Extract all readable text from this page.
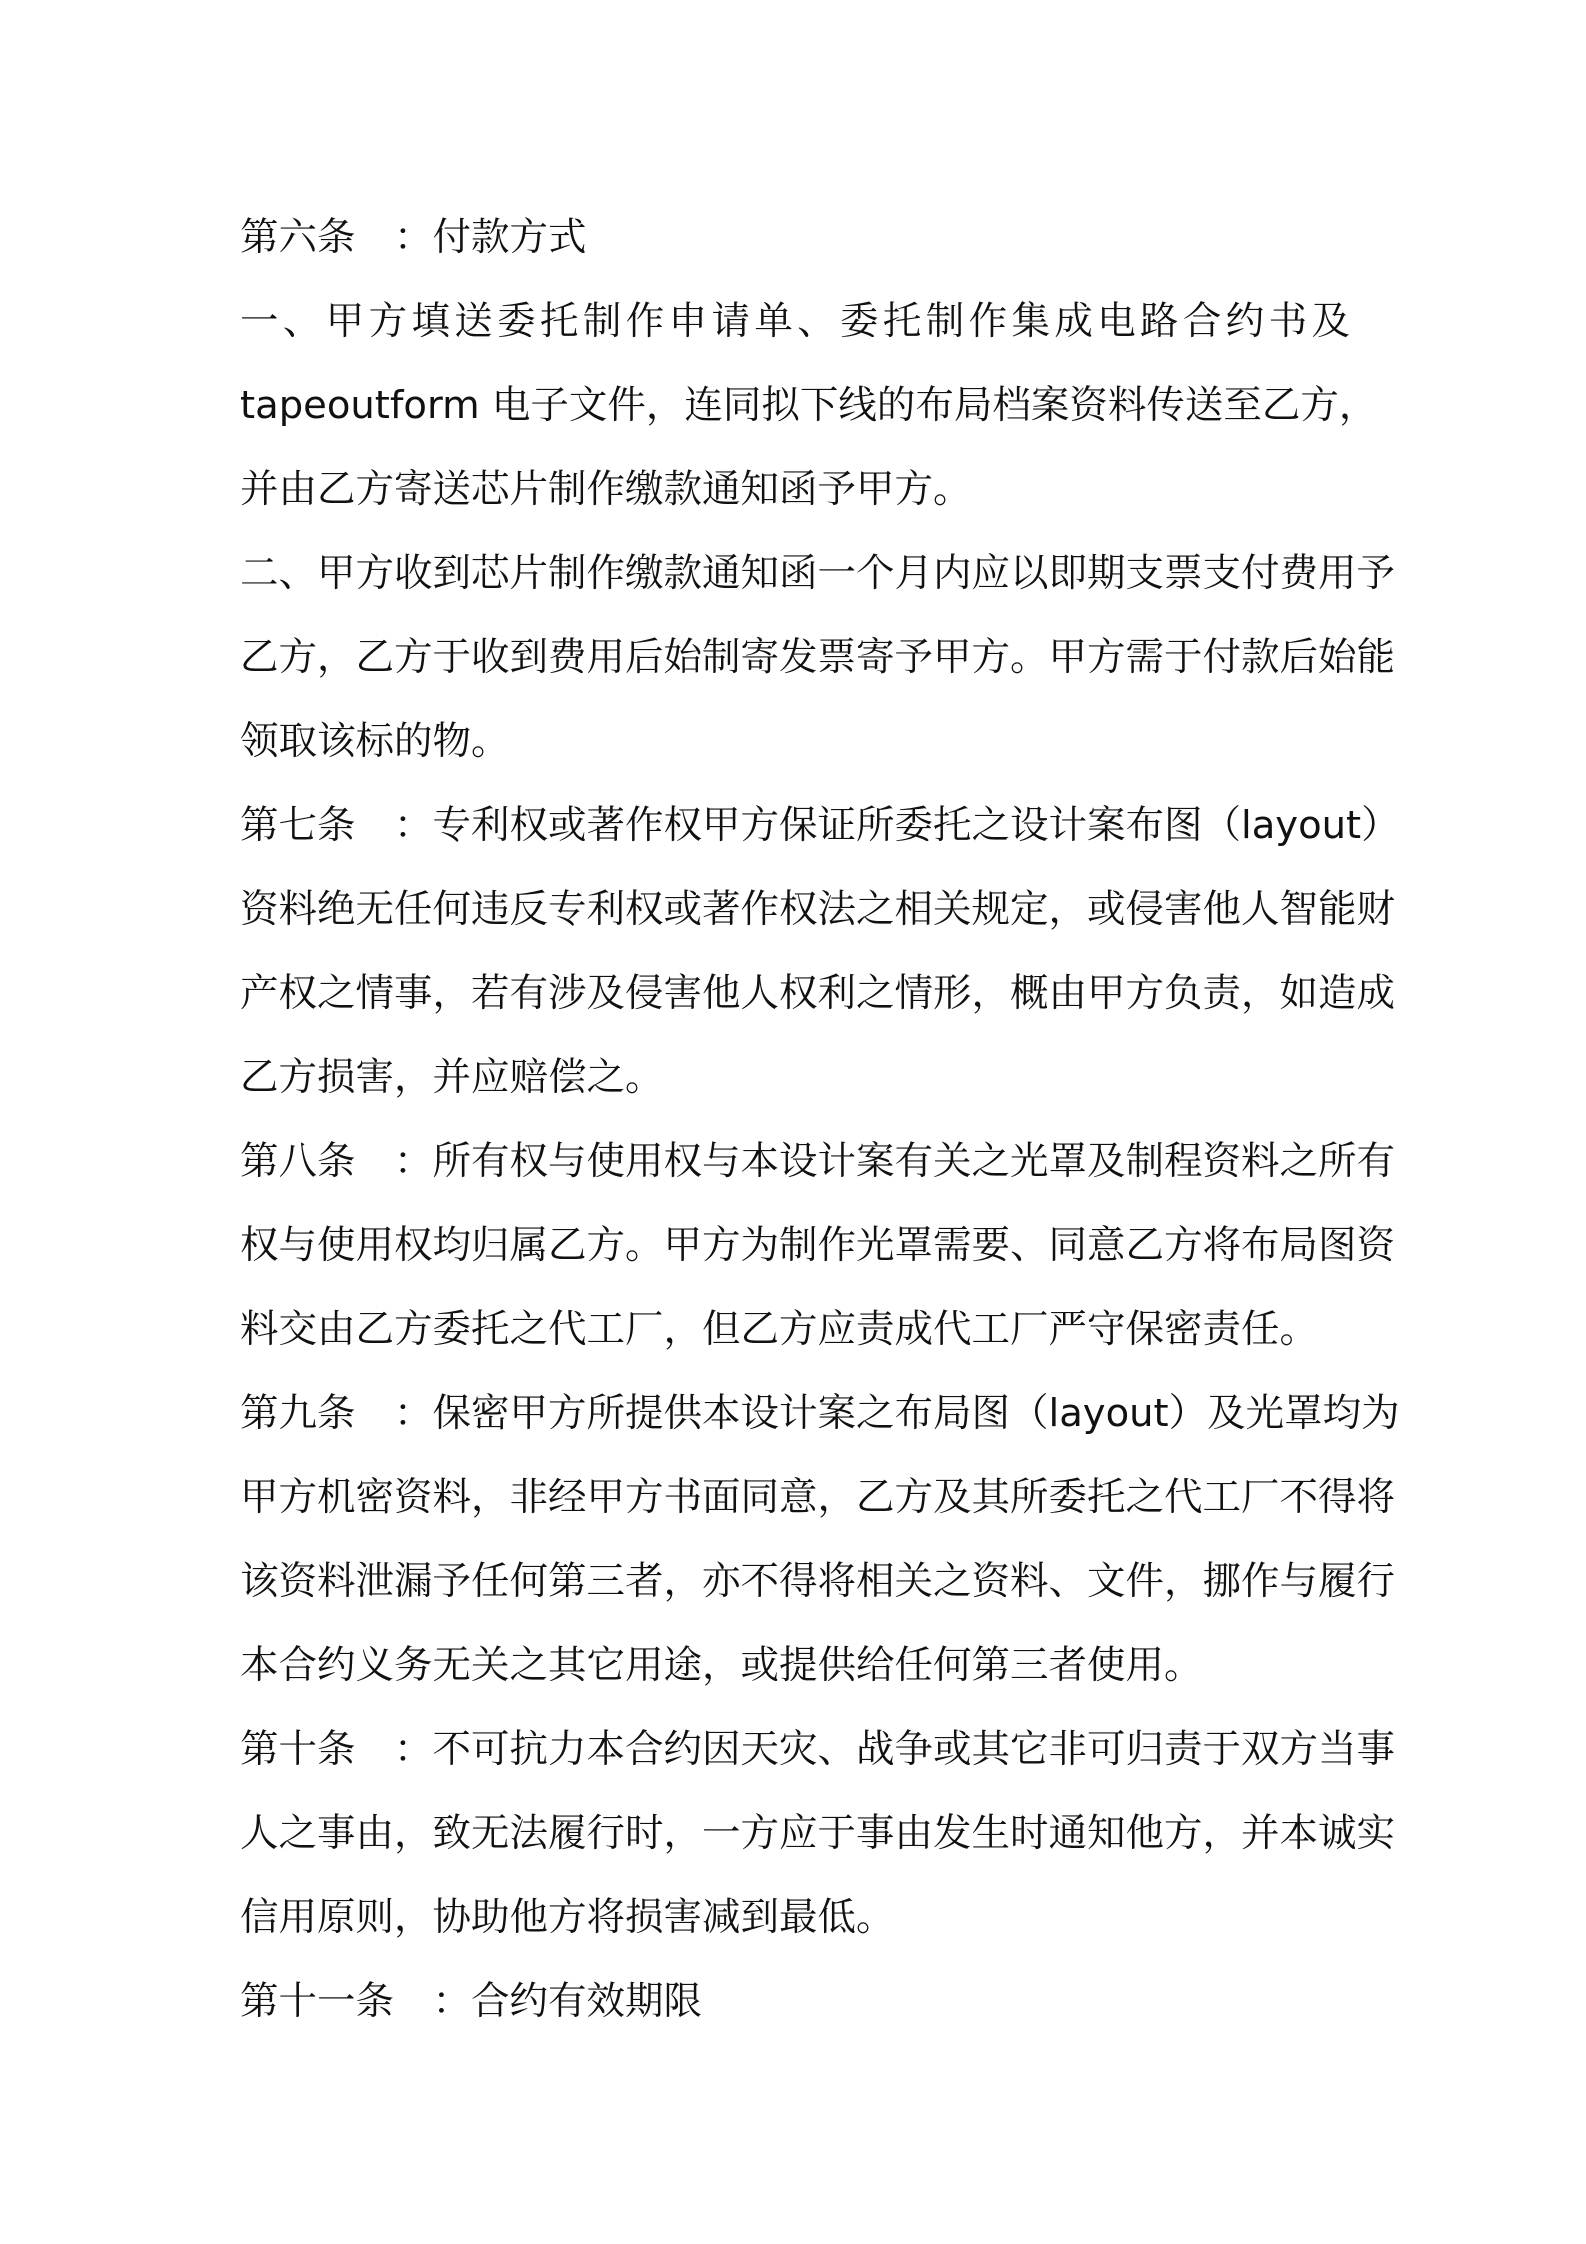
第六条　：付款方式
一、甲方填送委托制作申请单、委托制作集成电路合约书及
tapeoutform 电子文件，连同拟下线的布局档案资料传送至乙方，
并由乙方寄送芯片制作缴款通知函予甲方。
二、甲方收到芯片制作缴款通知函一个月内应以即期支票支付费用予
乙方，乙方于收到费用后始制寄发票寄予甲方。甲方需于付款后始能
领取该标的物。
第七条　：专利权或著作权甲方保证所委托之设计案布图（layout）
资料绝无任何违反专利权或著作权法之相关规定，或侵害他人智能财
产权之情事，若有涉及侵害他人权利之情形，概由甲方负责，如造成
乙方损害，并应赔偿之。
第八条　：所有权与使用权与本设计案有关之光罩及制程资料之所有
权与使用权均归属乙方。甲方为制作光罩需要、同意乙方将布局图资
料交由乙方委托之代工厂，但乙方应责成代工厂严守保密责任。
第九条　：保密甲方所提供本设计案之布局图（layout）及光罩均为
甲方机密资料，非经甲方书面同意，乙方及其所委托之代工厂不得将
该资料泄漏予任何第三者，亦不得将相关之资料、文件，挪作与履行
本合约义务无关之其它用途，或提供给任何第三者使用。
第十条　：不可抗力本合约因天灾、战争或其它非可归责于双方当事
人之事由，致无法履行时，一方应于事由发生时通知他方，并本诚实
信用原则，协助他方将损害减到最低。
第十一条　：合约有效期限
